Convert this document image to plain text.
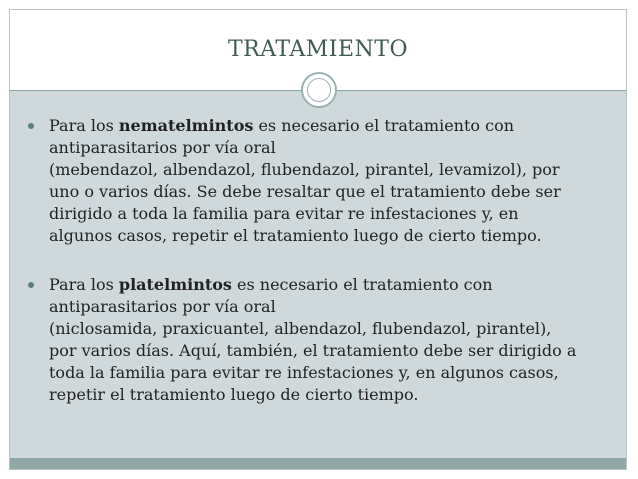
TRATAMIENTO
Para los nematelmintos es necesario el tratamiento con
antiparasitarios por vía oral
(mebendazol, albendazol, flubendazol, pirantel, levamizol), por
uno o varios días. Se debe resaltar que el tratamiento debe ser
dirigido a toda la familia para evitar re infestaciones y, en
algunos casos, repetir el tratamiento luego de cierto tiempo.
Para los platelmintos es necesario el tratamiento con
antiparasitarios por vía oral
(niclosamida, praxicuantel, albendazol, flubendazol, pirantel),
por varios días. Aquí, también, el tratamiento debe ser dirigido a
toda la familia para evitar re infestaciones y, en algunos casos,
repetir el tratamiento luego de cierto tiempo.
